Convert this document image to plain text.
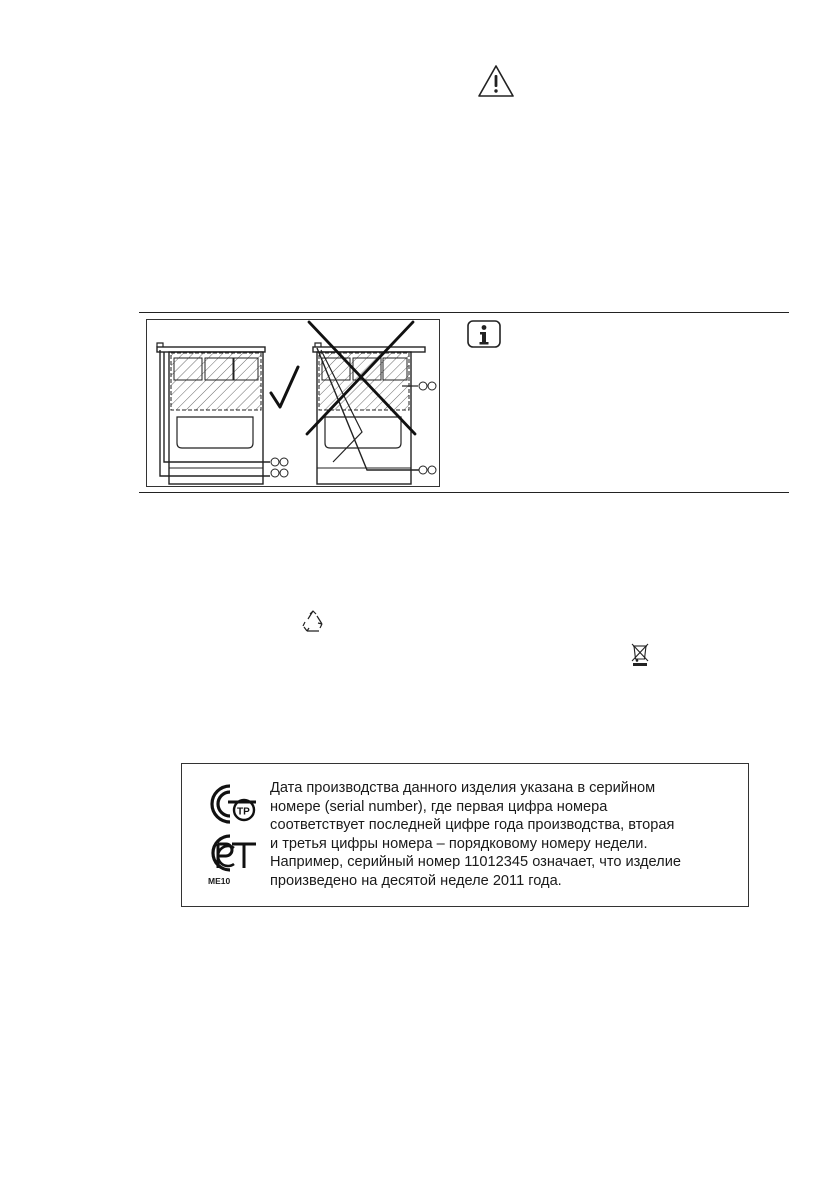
TP
ME10

Дата производства данного изделия указана в серийном

номере (serial number), где первая цифра номера

соответствует последней цифре года производства, вторая

и третья цифры номера – порядковому номеру недели.

Например, серийный номер 11012345 означает, что изделие

произведено на десятой неделе 2011 года.
